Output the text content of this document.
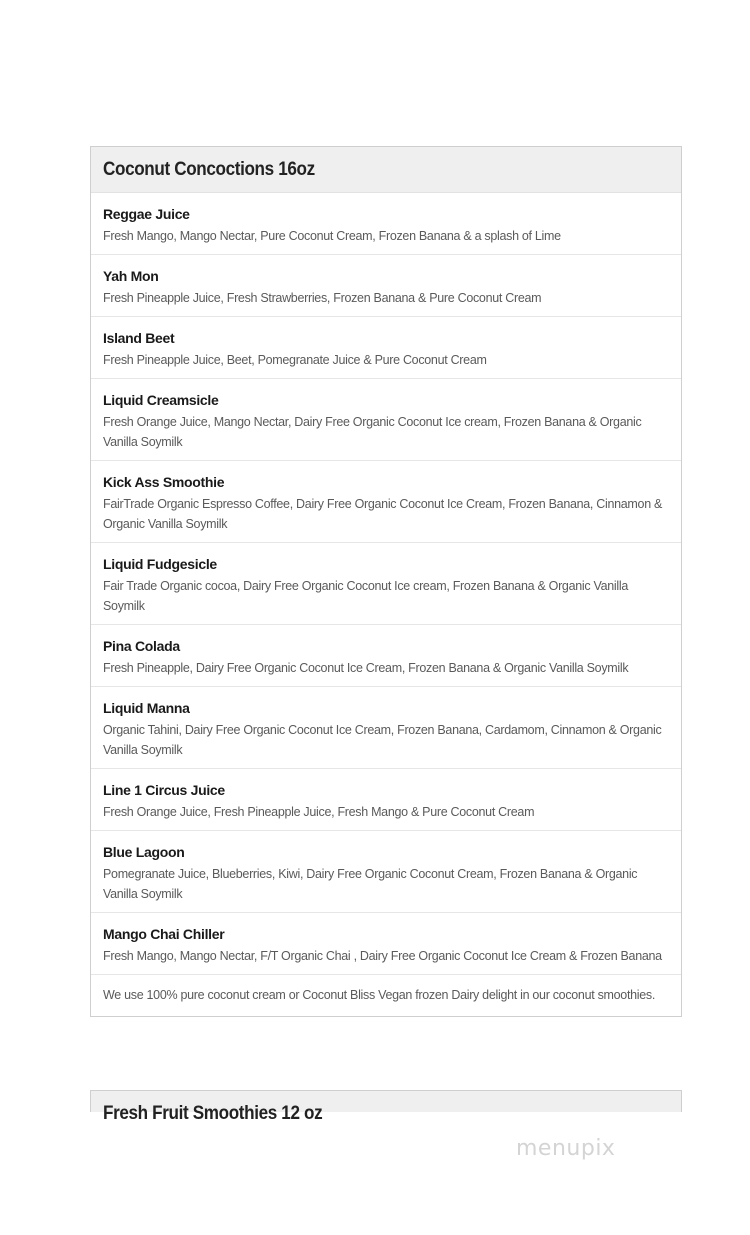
Coconut Concoctions 16oz
Reggae Juice
Fresh Mango, Mango Nectar, Pure Coconut Cream, Frozen Banana & a splash of Lime
Yah Mon
Fresh Pineapple Juice, Fresh Strawberries, Frozen Banana & Pure Coconut Cream
Island Beet
Fresh Pineapple Juice, Beet, Pomegranate Juice & Pure Coconut Cream
Liquid Creamsicle
Fresh Orange Juice, Mango Nectar, Dairy Free Organic Coconut Ice cream, Frozen Banana & Organic Vanilla Soymilk
Kick Ass Smoothie
FairTrade Organic Espresso Coffee, Dairy Free Organic Coconut Ice Cream, Frozen Banana, Cinnamon & Organic Vanilla Soymilk
Liquid Fudgesicle
Fair Trade Organic cocoa, Dairy Free Organic Coconut Ice cream, Frozen Banana & Organic Vanilla Soymilk
Pina Colada
Fresh Pineapple, Dairy Free Organic Coconut Ice Cream, Frozen Banana & Organic Vanilla Soymilk
Liquid Manna
Organic Tahini, Dairy Free Organic Coconut Ice Cream, Frozen Banana, Cardamom, Cinnamon & Organic Vanilla Soymilk
Line 1 Circus Juice
Fresh Orange Juice, Fresh Pineapple Juice, Fresh Mango & Pure Coconut Cream
Blue Lagoon
Pomegranate Juice, Blueberries, Kiwi, Dairy Free Organic Coconut Cream, Frozen Banana & Organic Vanilla Soymilk
Mango Chai Chiller
Fresh Mango, Mango Nectar, F/T Organic Chai , Dairy Free Organic Coconut Ice Cream & Frozen Banana
We use 100% pure coconut cream or Coconut Bliss Vegan frozen Dairy delight in our coconut smoothies.
Fresh Fruit Smoothies 12 oz
menupix
